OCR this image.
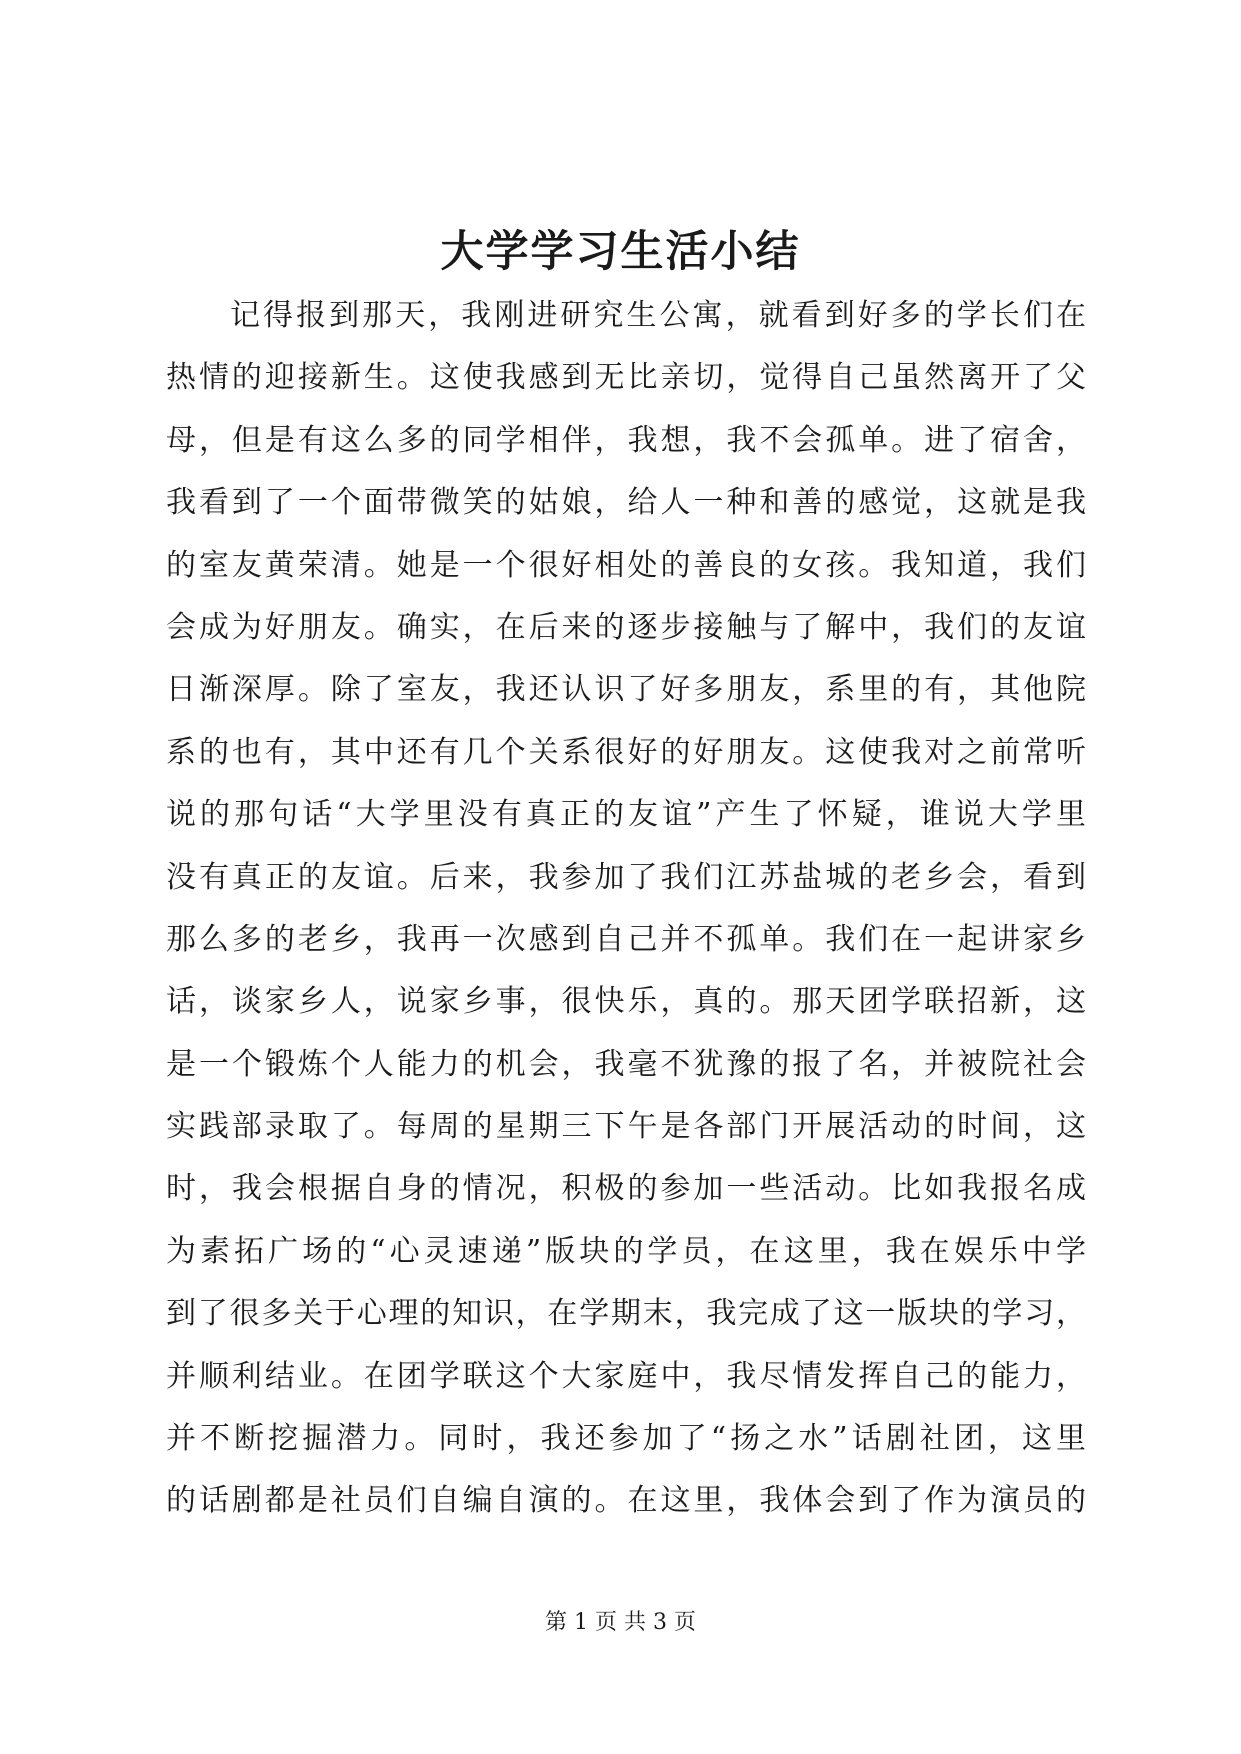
大学学习生活小结
记得报到那天，我刚进研究生公寓，就看到好多的学长们在
热情的迎接新生。这使我感到无比亲切，觉得自己虽然离开了父
母，但是有这么多的同学相伴，我想，我不会孤单。进了宿舍，
我看到了一个面带微笑的姑娘，给人一种和善的感觉，这就是我
的室友黄荣清。她是一个很好相处的善良的女孩。我知道，我们
会成为好朋友。确实，在后来的逐步接触与了解中，我们的友谊
日渐深厚。除了室友，我还认识了好多朋友，系里的有，其他院
系的也有，其中还有几个关系很好的好朋友。这使我对之前常听
说的那句话“大学里没有真正的友谊”产生了怀疑，谁说大学里
没有真正的友谊。后来，我参加了我们江苏盐城的老乡会，看到
那么多的老乡，我再一次感到自己并不孤单。我们在一起讲家乡
话，谈家乡人，说家乡事，很快乐，真的。那天团学联招新，这
是一个锻炼个人能力的机会，我毫不犹豫的报了名，并被院社会
实践部录取了。每周的星期三下午是各部门开展活动的时间，这
时，我会根据自身的情况，积极的参加一些活动。比如我报名成
为素拓广场的“心灵速递”版块的学员，在这里，我在娱乐中学
到了很多关于心理的知识，在学期末，我完成了这一版块的学习，
并顺利结业。在团学联这个大家庭中，我尽情发挥自己的能力，
并不断挖掘潜力。同时，我还参加了“扬之水”话剧社团，这里
的话剧都是社员们自编自演的。在这里，我体会到了作为演员的
第 1 页 共 3 页
